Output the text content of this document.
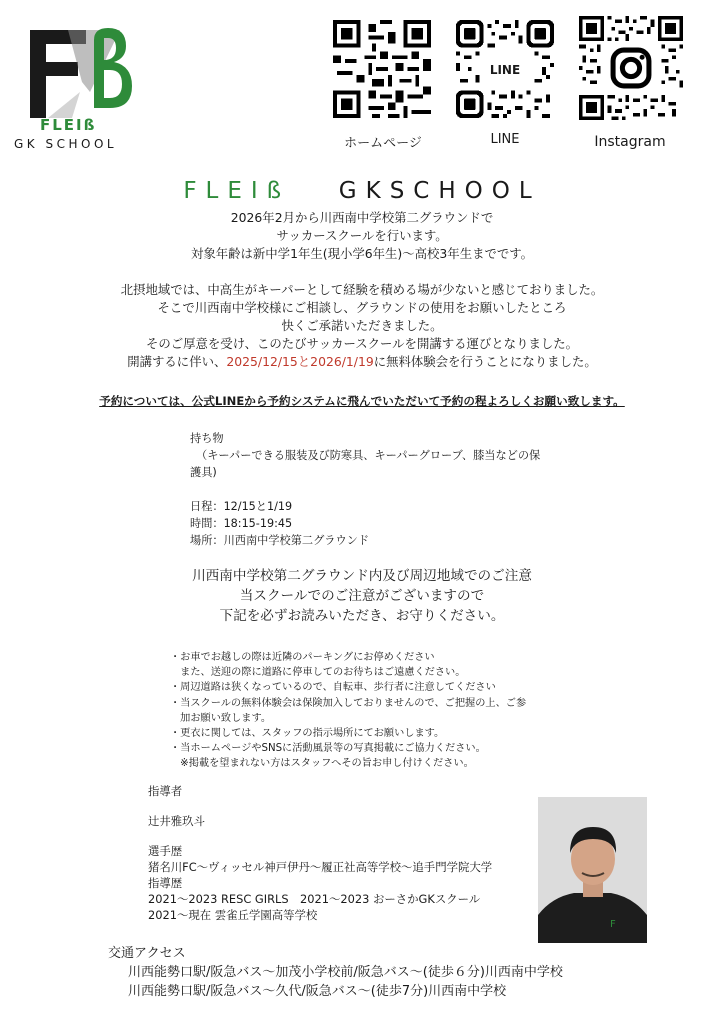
FLEIß
GK SCHOOL	ホームページ
LINE
LINE	Instagram
FLEIß GKSCHOOL
2026年2月から川西南中学校第二グラウンドで
サッカースクールを行います。
対象年齢は新中学1年生(現小学6年生)〜高校3年生までです。
北摂地域では、中高生がキーパーとして経験を積める場が少ないと感じておりました。
そこで川西南中学校様にご相談し、グラウンドの使用をお願いしたところ
快くご承諾いただきました。
そのご厚意を受け、このたびサッカースクールを開講する運びとなりました。
開講するに伴い、2025/12/15と2026/1/19に無料体験会を行うことになりました。
予約については、公式LINEから予約システムに飛んでいただいて予約の程よろしくお願い致します。
持ち物
（キーパーできる服装及び防寒具、キーパーグローブ、膝当などの保
護具)
日程：12/15と1/19
時間：18:15-19:45
場所：川西南中学校第二グラウンド
川西南中学校第二グラウンド内及び周辺地域でのご注意
当スクールでのご注意がございますので
下記を必ずお読みいただき、お守りください。
・お車でお越しの際は近隣のパーキングにお停めください
　また、送迎の際に道路に停車してのお待ちはご遠慮ください。
・周辺道路は狭くなっているので、自転車、歩行者に注意してください
・当スクールの無料体験会は保険加入しておりませんので、ご把握の上、ご参
　加お願い致します。
・更衣に関しては、スタッフの指示場所にてお願いします。
・当ホームページやSNSに活動風景等の写真掲載にご協力ください。
　※掲載を望まれない方はスタッフへその旨お申し付けください。
指導者
辻井雅玖斗
選手歴
猪名川FC〜ヴィッセル神戸伊丹〜履正社高等学校〜追手門学院大学
指導歴
2021〜2023 RESC GIRLS　2021〜2023 おーさかGKスクール
2021〜現在 雲雀丘学園高等学校
F
交通アクセス
川西能勢口駅/阪急バス〜加茂小学校前/阪急バス〜(徒歩６分)川西南中学校
川西能勢口駅/阪急バス〜久代/阪急バス〜(徒歩7分)川西南中学校
